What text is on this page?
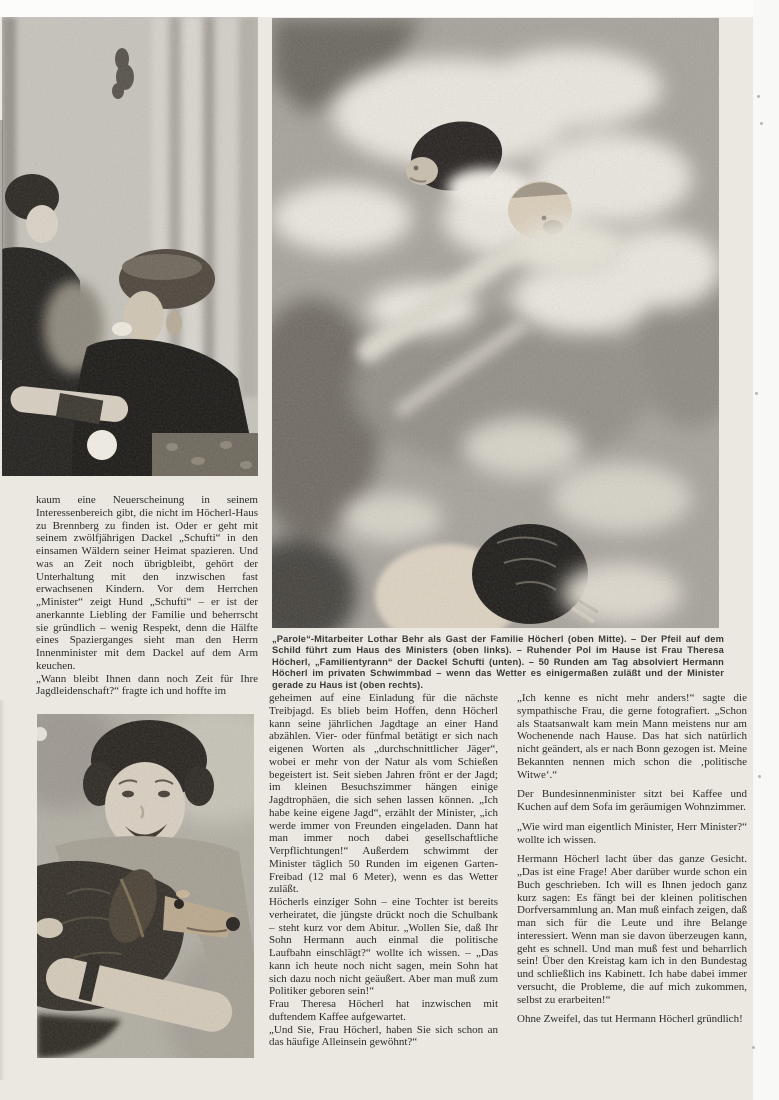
„Parole“-Mitarbeiter Lothar Behr als Gast der Familie Höcherl (oben Mitte). – Der Pfeil auf dem Schild führt zum Haus des Ministers (oben links). – Ruhender Pol im Hause ist Frau Theresa Höcherl, „Familientyrann“ der Dackel Schufti (unten). – 50 Runden am Tag absolviert Hermann Höcherl im privaten Schwimmbad – wenn das Wetter es einigermaßen zuläßt und der Minister gerade zu Haus ist (oben rechts).

kaum eine Neuerscheinung in seinem Interessenbereich gibt, die nicht im Höcherl-Haus zu Brennberg zu finden ist. Oder er geht mit seinem zwölfjährigen Dackel „Schufti“ in den einsamen Wäldern seiner Heimat spazieren. Und was an Zeit noch übrigbleibt, gehört der Unterhaltung mit den inzwischen fast erwachsenen Kindern. Vor dem Herrchen „Minister“ zeigt Hund „Schufti“ – er ist der anerkannte Liebling der Familie und beherrscht sie gründlich – wenig Respekt, denn die Hälfte eines Spazierganges sieht man den Herrn Innenminister mit dem Dackel auf dem Arm keuchen.

„Wann bleibt Ihnen dann noch Zeit für Ihre Jagdleidenschaft?“ fragte ich und hoffte im

geheimen auf eine Einladung für die nächste Treibjagd. Es blieb beim Hoffen, denn Höcherl kann seine jährlichen Jagdtage an einer Hand abzählen. Vier- oder fünfmal betätigt er sich nach eigenen Worten als „durchschnittlicher Jäger“, wobei er mehr von der Natur als vom Schießen begeistert ist. Seit sieben Jahren frönt er der Jagd; im kleinen Besuchszimmer hängen einige Jagdtrophäen, die sich sehen lassen können. „Ich habe keine eigene Jagd“, erzählt der Minister, „ich werde immer von Freunden eingeladen. Dann hat man immer noch dabei gesellschaftliche Verpflichtungen!“ Außerdem schwimmt der Minister täglich 50 Runden im eigenen Garten-Freibad (12 mal 6 Meter), wenn es das Wetter zuläßt.

Höcherls einziger Sohn – eine Tochter ist bereits verheiratet, die jüngste drückt noch die Schulbank – steht kurz vor dem Abitur. „Wollen Sie, daß Ihr Sohn Hermann auch einmal die politische Laufbahn einschlägt?“ wollte ich wissen. – „Das kann ich heute noch nicht sagen, mein Sohn hat sich dazu noch nicht geäußert. Aber man muß zum Politiker geboren sein!“

Frau Theresa Höcherl hat inzwischen mit duftendem Kaffee aufgewartet.

„Und Sie, Frau Höcherl, haben Sie sich schon an das häufige Alleinsein gewöhnt?“

„Ich kenne es nicht mehr anders!“ sagte die sympathische Frau, die gerne fotografiert. „Schon als Staatsanwalt kam mein Mann meistens nur am Wochenende nach Hause. Das hat sich natürlich nicht geändert, als er nach Bonn gezogen ist. Meine Bekannten nennen mich schon die ‚politische Witwe‘.“

Der Bundesinnenminister sitzt bei Kaffee und Kuchen auf dem Sofa im geräumigen Wohnzimmer.

„Wie wird man eigentlich Minister, Herr Minister?“ wollte ich wissen.

Hermann Höcherl lacht über das ganze Gesicht. „Das ist eine Frage! Aber darüber wurde schon ein Buch geschrieben. Ich will es Ihnen jedoch ganz kurz sagen: Es fängt bei der kleinen politischen Dorfversammlung an. Man muß einfach zeigen, daß man sich für die Leute und ihre Belange interessiert. Wenn man sie davon überzeugen kann, geht es schnell. Und man muß fest und beharrlich sein! Über den Kreistag kam ich in den Bundestag und schließlich ins Kabinett. Ich habe dabei immer versucht, die Probleme, die auf mich zukommen, selbst zu erarbeiten!“

Ohne Zweifel, das tut Hermann Höcherl gründlich!
